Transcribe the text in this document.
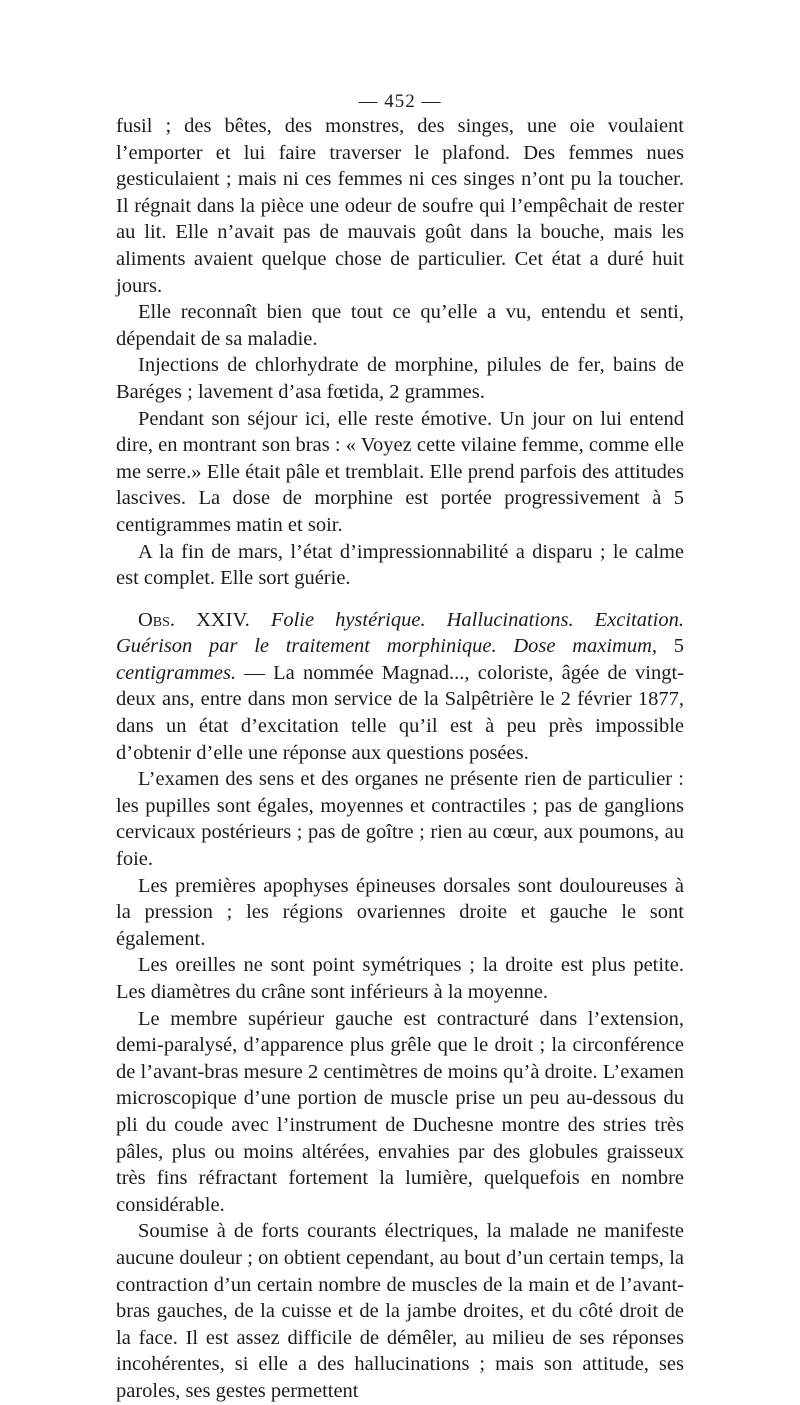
— 452 —

fusil ; des bêtes, des monstres, des singes, une oie voulaient l’emporter et lui faire traverser le plafond. Des femmes nues gesticulaient ; mais ni ces femmes ni ces singes n’ont pu la toucher. Il régnait dans la pièce une odeur de soufre qui l’empêchait de rester au lit. Elle n’avait pas de mauvais goût dans la bouche, mais les aliments avaient quelque chose de particulier. Cet état a duré huit jours.

Elle reconnaît bien que tout ce qu’elle a vu, entendu et senti, dépendait de sa maladie.

Injections de chlorhydrate de morphine, pilules de fer, bains de Baréges ; lavement d’asa fœtida, 2 grammes.

Pendant son séjour ici, elle reste émotive. Un jour on lui entend dire, en montrant son bras : « Voyez cette vilaine femme, comme elle me serre.» Elle était pâle et tremblait. Elle prend parfois des attitudes lascives. La dose de morphine est portée progressivement à 5 centigrammes matin et soir.

A la fin de mars, l’état d’impressionnabilité a disparu ; le calme est complet. Elle sort guérie.

Obs. XXIV. Folie hystérique. Hallucinations. Excitation. Guérison par le traitement morphinique. Dose maximum, 5 centigrammes. — La nommée Magnad..., coloriste, âgée de vingt-deux ans, entre dans mon service de la Salpêtrière le 2 février 1877, dans un état d’excitation telle qu’il est à peu près impossible d’obtenir d’elle une réponse aux questions posées.

L’examen des sens et des organes ne présente rien de particulier : les pupilles sont égales, moyennes et contractiles ; pas de ganglions cervicaux postérieurs ; pas de goître ; rien au cœur, aux poumons, au foie.

Les premières apophyses épineuses dorsales sont douloureuses à la pression ; les régions ovariennes droite et gauche le sont également.

Les oreilles ne sont point symétriques ; la droite est plus petite. Les diamètres du crâne sont inférieurs à la moyenne.

Le membre supérieur gauche est contracturé dans l’extension, demi-paralysé, d’apparence plus grêle que le droit ; la circonférence de l’avant-bras mesure 2 centimètres de moins qu’à droite. L’examen microscopique d’une portion de muscle prise un peu au-dessous du pli du coude avec l’instrument de Duchesne montre des stries très pâles, plus ou moins altérées, envahies par des globules graisseux très fins réfractant fortement la lumière, quelquefois en nombre considérable.

Soumise à de forts courants électriques, la malade ne manifeste aucune douleur ; on obtient cependant, au bout d’un certain temps, la contraction d’un certain nombre de muscles de la main et de l’avant-bras gauches, de la cuisse et de la jambe droites, et du côté droit de la face. Il est assez difficile de démêler, au milieu de ses réponses incohérentes, si elle a des hallucinations ; mais son attitude, ses paroles, ses gestes permettent
